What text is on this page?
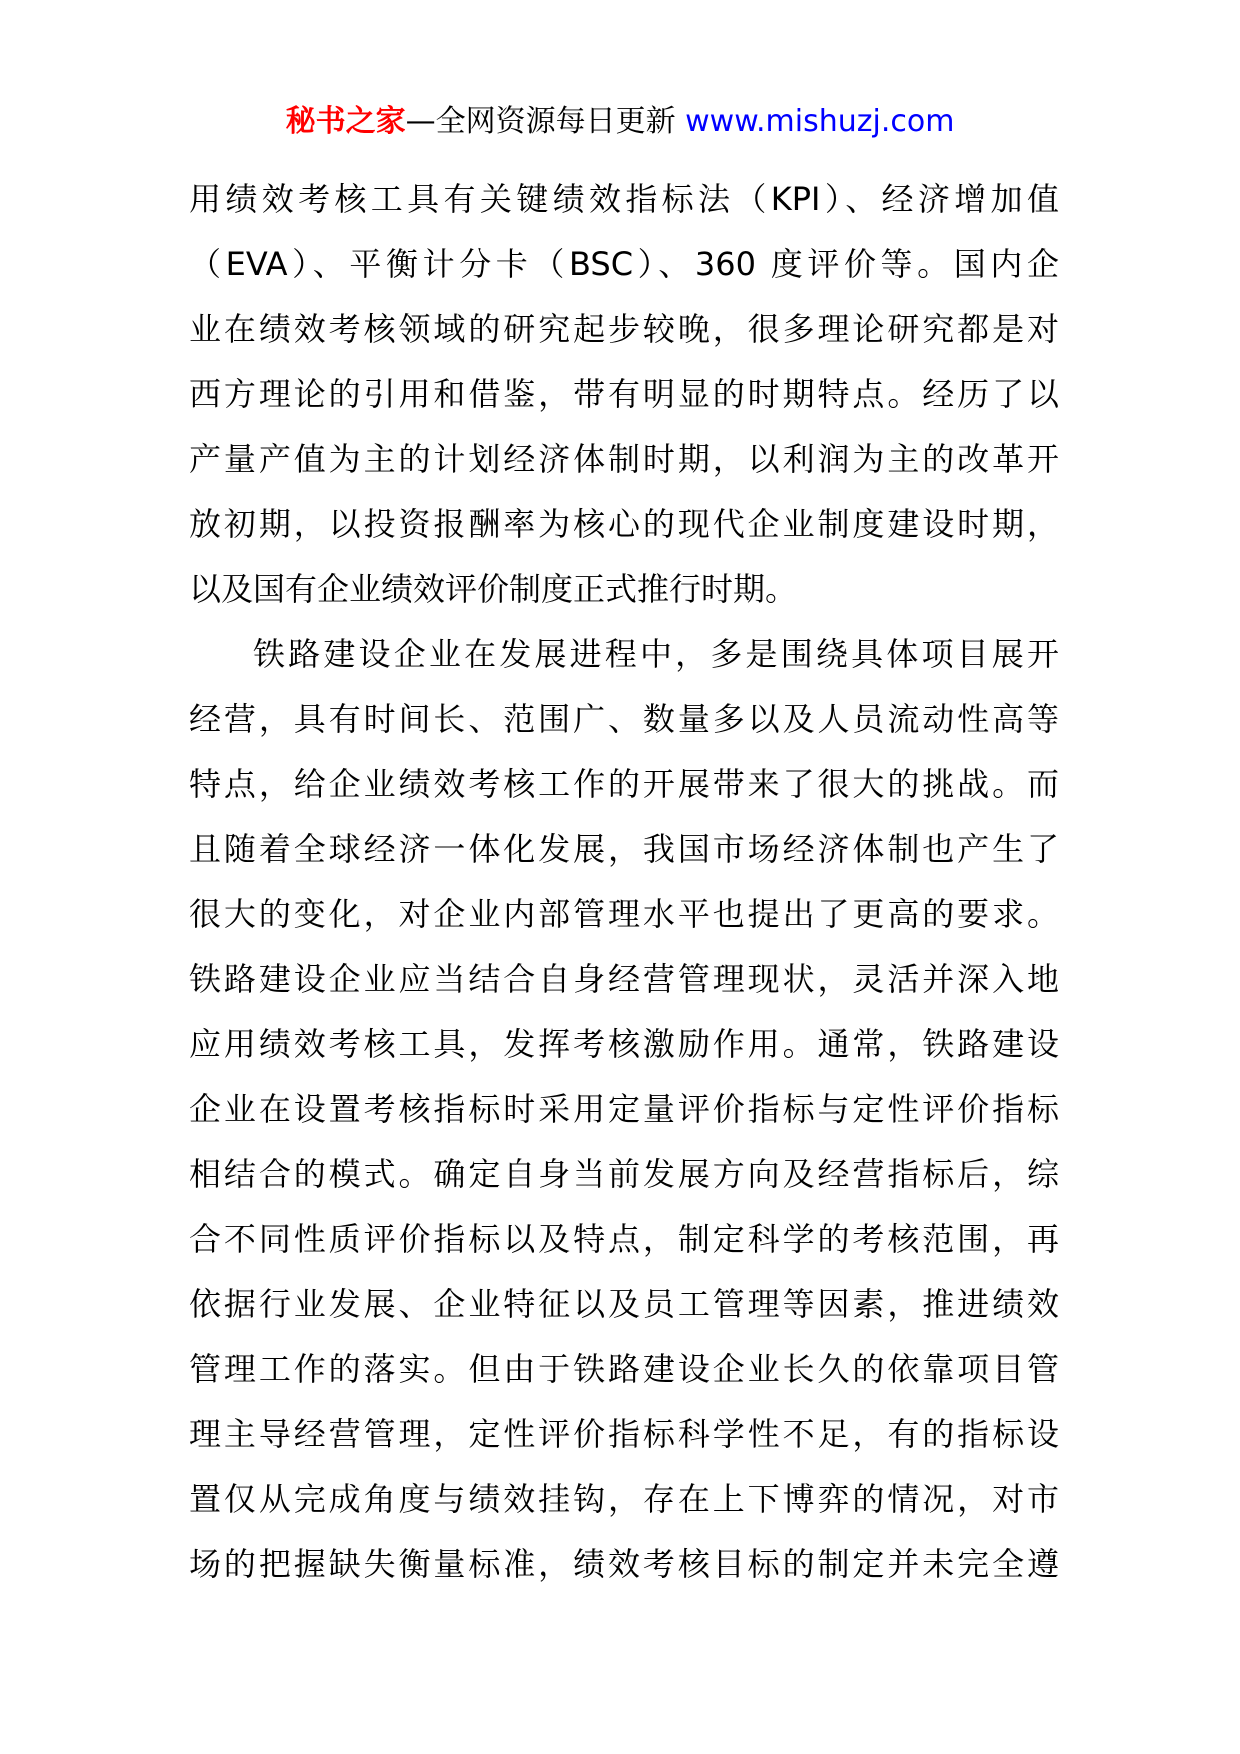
秘书之家—全网资源每日更新 www.mishuzj.com
用绩效考核工具有关键绩效指标法（KPI）、经济增加值
（EVA）、平衡计分卡（BSC）、360 度评价等。国内企
业在绩效考核领域的研究起步较晚，很多理论研究都是对
西方理论的引用和借鉴，带有明显的时期特点。经历了以
产量产值为主的计划经济体制时期，以利润为主的改革开
放初期，以投资报酬率为核心的现代企业制度建设时期，
以及国有企业绩效评价制度正式推行时期。
铁路建设企业在发展进程中，多是围绕具体项目展开
经营，具有时间长、范围广、数量多以及人员流动性高等
特点，给企业绩效考核工作的开展带来了很大的挑战。而
且随着全球经济一体化发展，我国市场经济体制也产生了
很大的变化，对企业内部管理水平也提出了更高的要求。
铁路建设企业应当结合自身经营管理现状，灵活并深入地
应用绩效考核工具，发挥考核激励作用。通常，铁路建设
企业在设置考核指标时采用定量评价指标与定性评价指标
相结合的模式。确定自身当前发展方向及经营指标后，综
合不同性质评价指标以及特点，制定科学的考核范围，再
依据行业发展、企业特征以及员工管理等因素，推进绩效
管理工作的落实。但由于铁路建设企业长久的依靠项目管
理主导经营管理，定性评价指标科学性不足，有的指标设
置仅从完成角度与绩效挂钩，存在上下博弈的情况，对市
场的把握缺失衡量标准，绩效考核目标的制定并未完全遵
